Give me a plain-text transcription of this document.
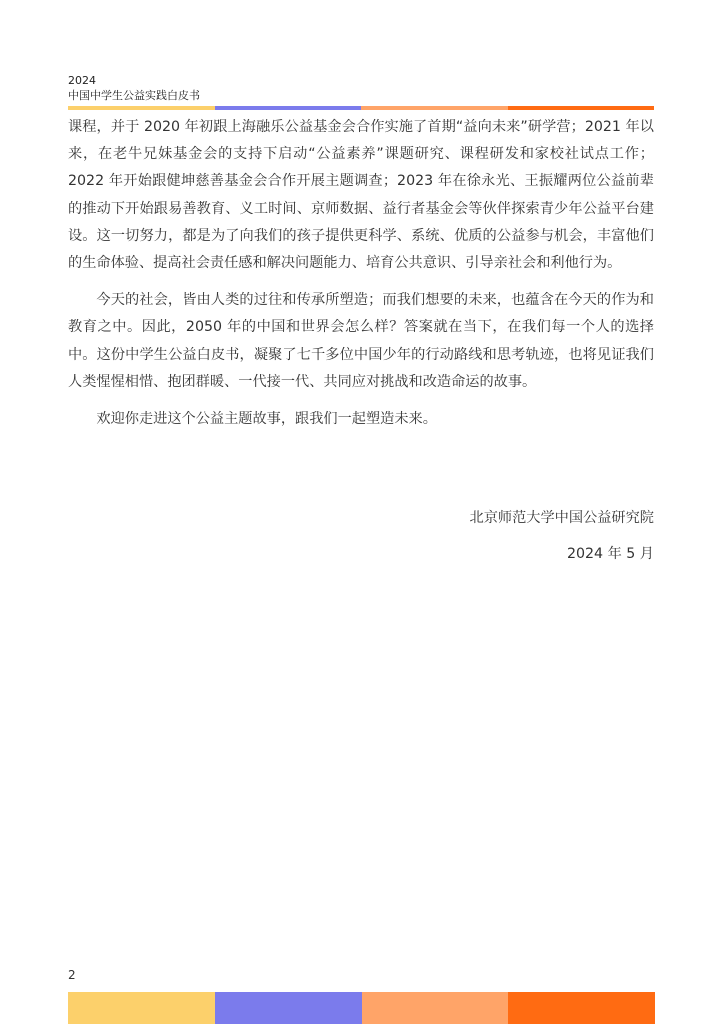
2024
中国中学生公益实践白皮书

课程，并于 2020 年初跟上海融乐公益基金会合作实施了首期“益向未来”研学营；2021 年以来，在老牛兄妹基金会的支持下启动“公益素养”课题研究、课程研发和家校社试点工作；2022 年开始跟健坤慈善基金会合作开展主题调查；2023 年在徐永光、王振耀两位公益前辈的推动下开始跟易善教育、义工时间、京师数据、益行者基金会等伙伴探索青少年公益平台建设。这一切努力，都是为了向我们的孩子提供更科学、系统、优质的公益参与机会，丰富他们的生命体验、提高社会责任感和解决问题能力、培育公共意识、引导亲社会和利他行为。

今天的社会，皆由人类的过往和传承所塑造；而我们想要的未来，也蕴含在今天的作为和教育之中。因此，2050 年的中国和世界会怎么样？答案就在当下，在我们每一个人的选择中。这份中学生公益白皮书，凝聚了七千多位中国少年的行动路线和思考轨迹，也将见证我们人类惺惺相惜、抱团群暖、一代接一代、共同应对挑战和改造命运的故事。

欢迎你走进这个公益主题故事，跟我们一起塑造未来。

北京师范大学中国公益研究院
2024 年 5 月
2
